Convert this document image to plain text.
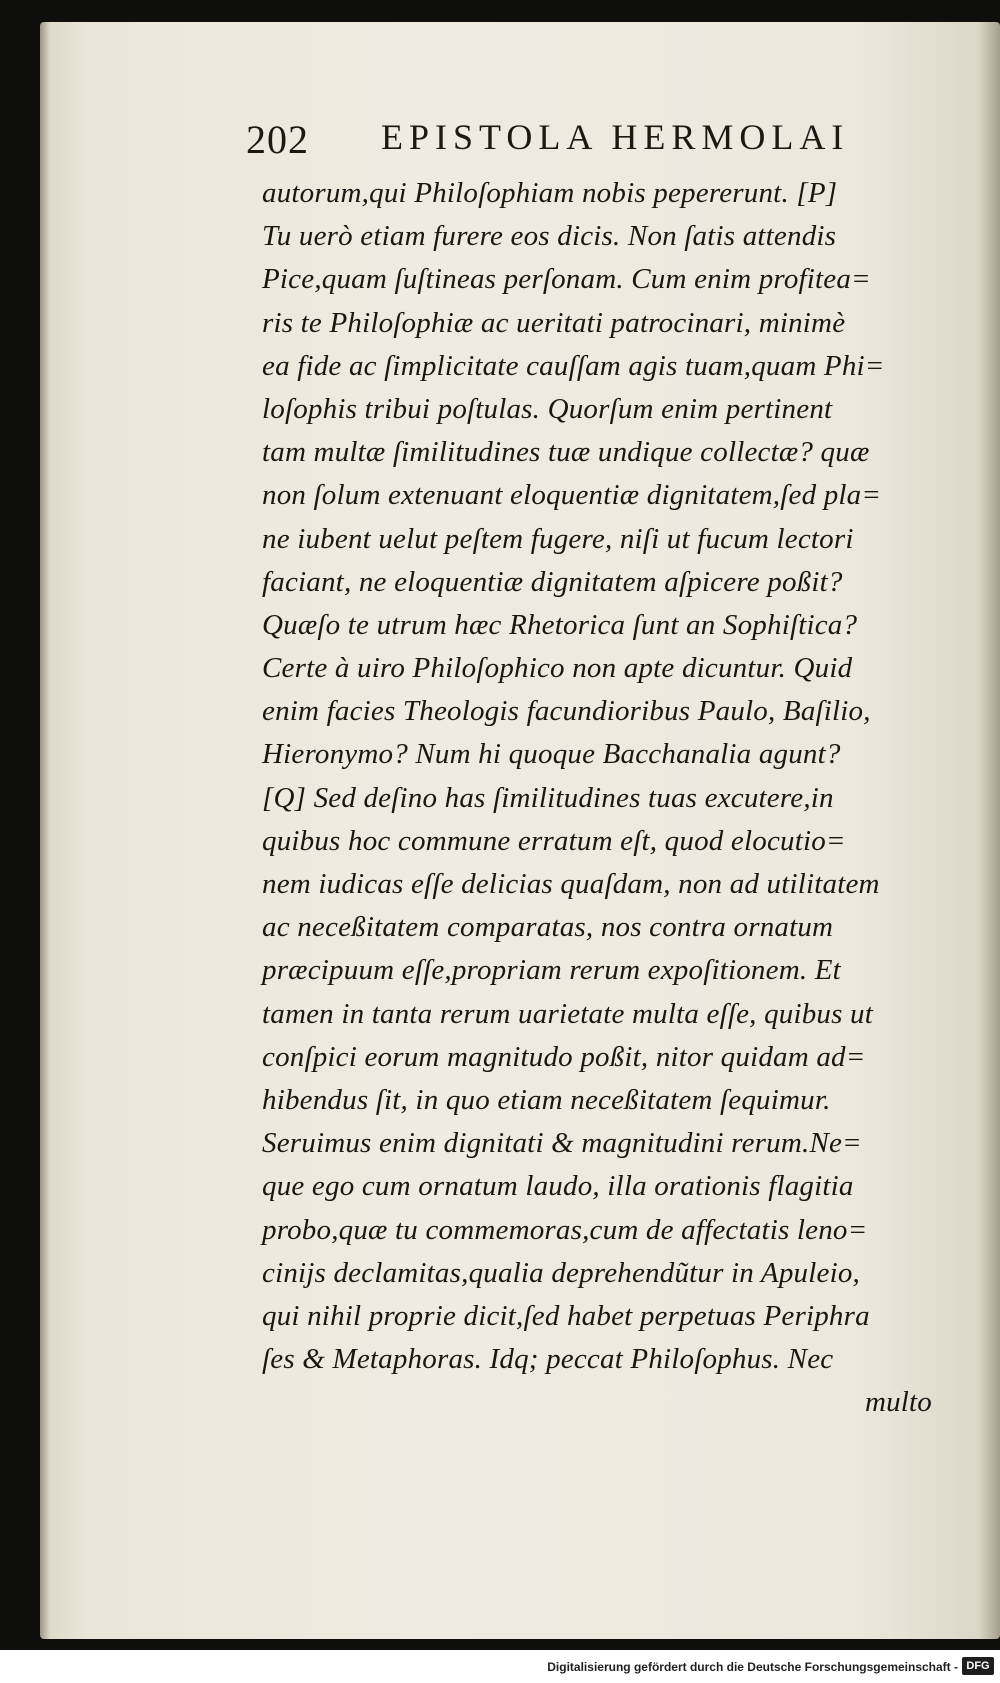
202 EPISTOLA HERMOLAI
autorum,qui Philoſophiam nobis pepererunt. [P]
Tu uerò etiam furere eos dicis. Non ſatis attendis
Pice,quam ſuſtineas perſonam. Cum enim profitea=
ris te Philoſophiæ ac ueritati patrocinari, minimè
ea fide ac ſimplicitate cauſſam agis tuam,quam Phi=
loſophis tribui poſtulas. Quorſum enim pertinent
tam multæ ſimilitudines tuæ undique collectæ? quæ
non ſolum extenuant eloquentiæ dignitatem,ſed pla=
ne iubent uelut peſtem fugere, niſi ut fucum lectori
faciant, ne eloquentiæ dignitatem aſpicere poßit?
Quæſo te utrum hæc Rhetorica ſunt an Sophiſtica?
Certe à uiro Philoſophico non apte dicuntur. Quid
enim facies Theologis facundioribus Paulo, Baſilio,
Hieronymo? Num hi quoque Bacchanalia agunt?
[Q] Sed deſino has ſimilitudines tuas excutere,in
quibus hoc commune erratum eſt, quod elocutio=
nem iudicas eſſe delicias quaſdam, non ad utilitatem
ac neceßitatem comparatas, nos contra ornatum
præcipuum eſſe,propriam rerum expoſitionem. Et
tamen in tanta rerum uarietate multa eſſe, quibus ut
conſpici eorum magnitudo poßit, nitor quidam ad=
hibendus ſit, in quo etiam neceßitatem ſequimur.
Seruimus enim dignitati & magnitudini rerum.Ne=
que ego cum ornatum laudo, illa orationis flagitia
probo,quæ tu commemoras,cum de affectatis leno=
cinijs declamitas,qualia deprehendũtur in Apuleio,
qui nihil proprie dicit,ſed habet perpetuas Periphra
ſes & Metaphoras. Idq; peccat Philoſophus. Nec
multo
Digitalisierung gefördert durch die Deutsche Forschungsgemeinschaft - DFG
